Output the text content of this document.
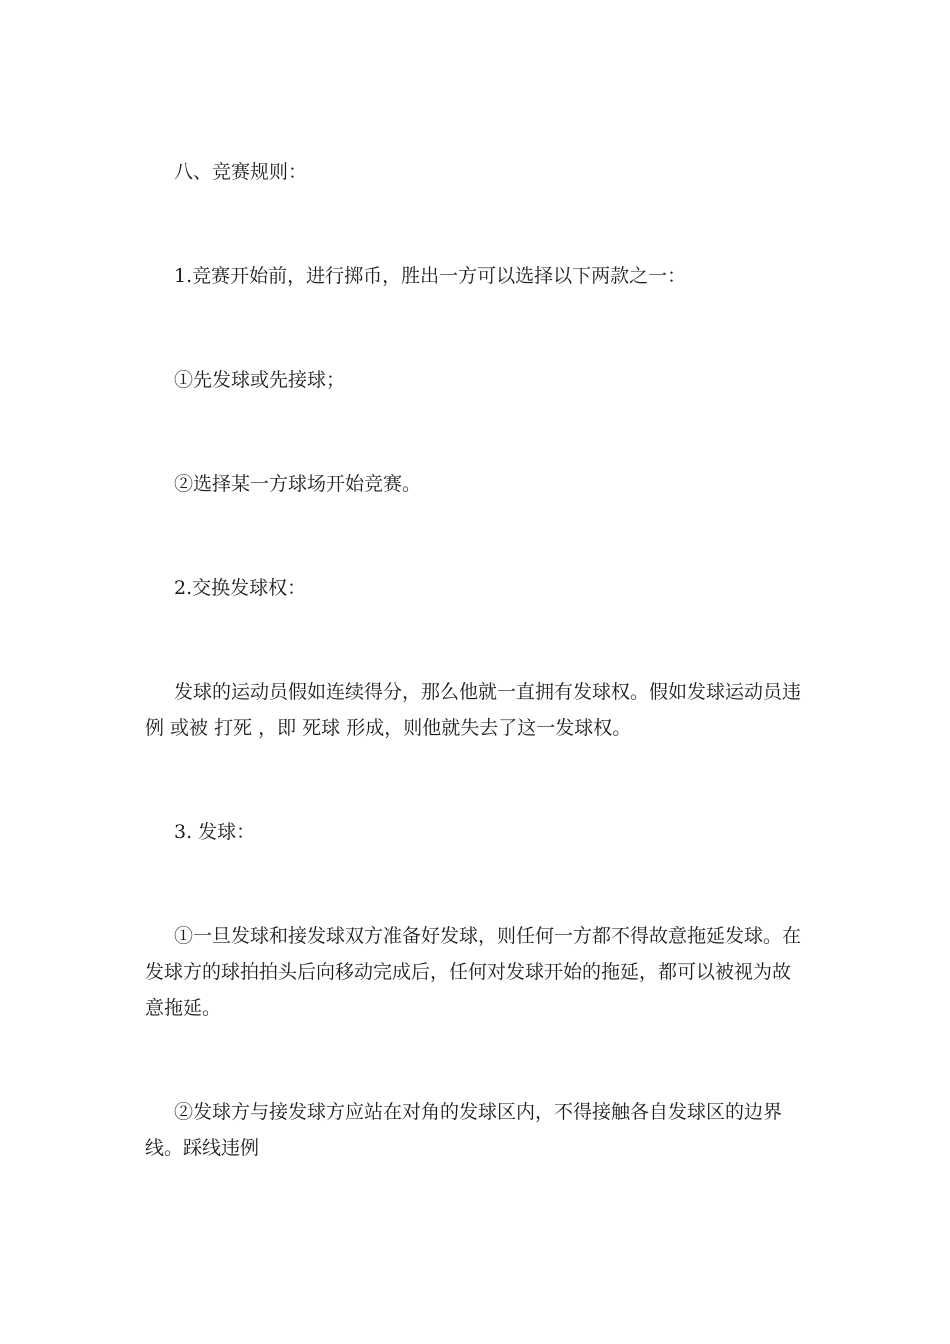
八、竞赛规则：

1.竞赛开始前，进行掷币，胜出一方可以选择以下两款之一：

①先发球或先接球；

②选择某一方球场开始竞赛。

2.交换发球权：

发球的运动员假如连续得分，那么他就一直拥有发球权。假如发球运动员违例 或被 打死 ，即 死球 形成，则他就失去了这一发球权。

3. 发球：

①一旦发球和接发球双方准备好发球，则任何一方都不得故意拖延发球。在发球方的球拍拍头后向移动完成后，任何对发球开始的拖延，都可以被视为故意拖延。

②发球方与接发球方应站在对角的发球区内，不得接触各自发球区的边界线。踩线违例
